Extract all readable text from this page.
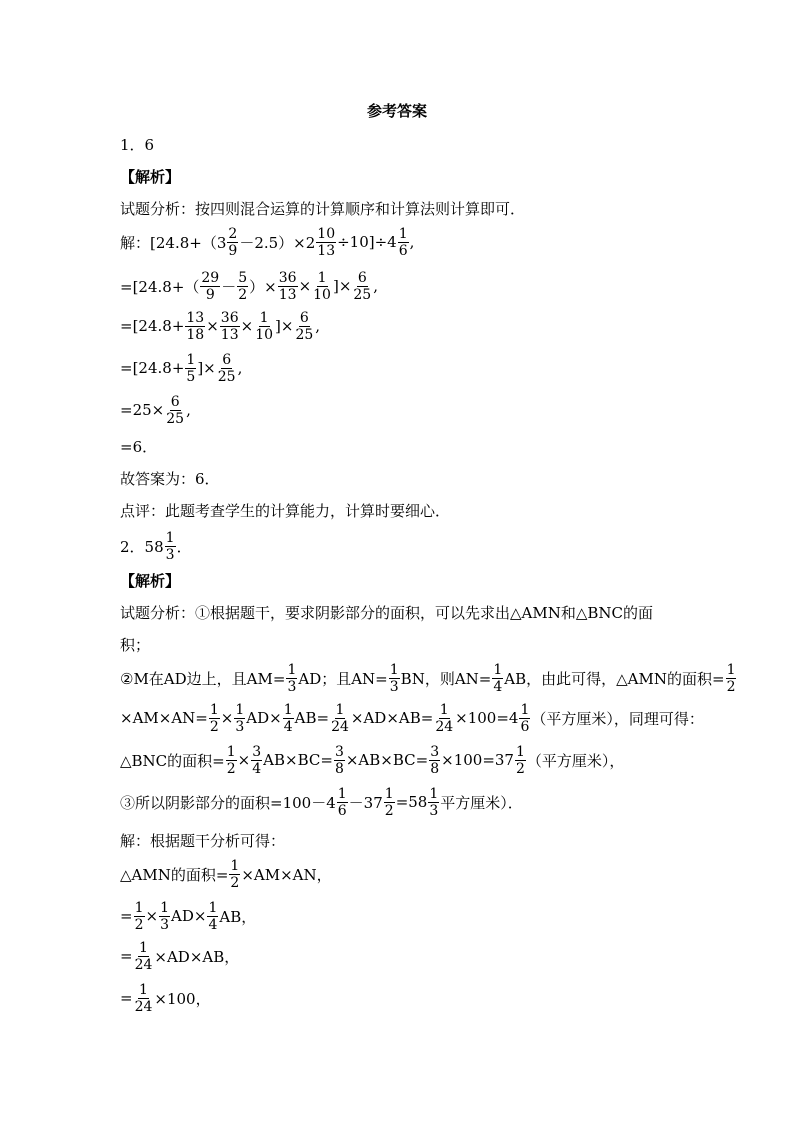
参考答案
1．6
【解析】
试题分析：按四则混合运算的计算顺序和计算法则计算即可．
解： $[24.8+(3 \frac{2}{9} -2.5)\times 2 \frac{10}{13} \div 10]\div 4 \frac{1}{6}$ ,
$=[24.8+( \frac{29}{9} - \frac{5}{2}$ ）× $\frac{36}{13} \times \frac{1}{10}$ ]× $\frac{6}{25}$ ,
$=[24.8+ \frac{13}{18} \times \frac{36}{13} \times \frac{1}{10}$ ]× $\frac{6}{25}$ ,
$=[24.8+ \frac{1}{5}$ ]× $\frac{6}{25}$ ,
$=25\times \frac{6}{25}$ ,
=6．
故答案为：6．
点评：此题考查学生的计算能力，计算时要细心．
2．$58 \frac{1}{3}$ ．
【解析】
试题分析：①根据题干，要求阴影部分的面积，可以先求出△AMN和△BNC的面
积；
②M在AD边上，且$AM= \frac{1}{3}$ AD；且$AN= \frac{1}{3}$ BN，则$AN= \frac{1}{4}$ AB，由此可得，△AMN的面积= $\frac{1}{2}$
$\times AM\times AN= \frac{1}{2} \times \frac{1}{3} AD\times \frac{1}{4} AB= \frac{1}{24} \times AD\times AB= \frac{1}{24} \times 100=4 \frac{1}{6}$ （平方厘米），同理可得：
△BNC的面积= $\frac{1}{2} \times \frac{3}{4} AB\times BC= \frac{3}{8} \times AB\times BC= \frac{3}{8} \times 100=37 \frac{1}{2}$ （平方厘米），
③所以阴影部分的面积$=100-4 \frac{1}{6} -37 \frac{1}{2} =58 \frac{1}{3}$ 平方厘米）．
解：根据题干分析可得：
△AMN的面积= $\frac{1}{2} \times AM\times AN$，
= $\frac{1}{2} \times \frac{1}{3} AD\times \frac{1}{4}$ AB，
= $\frac{1}{24} \times AD\times AB$，
= $\frac{1}{24} \times 100$，
